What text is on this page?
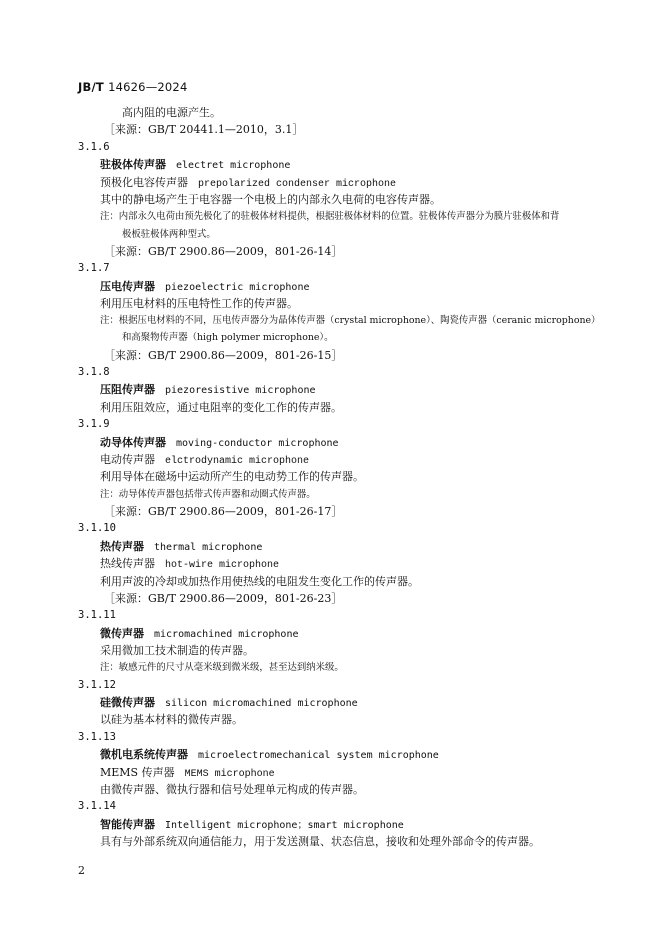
JB/T 14626—2024
高内阻的电源产生。
［来源：GB/T 20441.1—2010，3.1］
3.1.6
驻极体传声器 electret microphone
预极化电容传声器 prepolarized condenser microphone
其中的静电场产生于电容器一个电极上的内部永久电荷的电容传声器。
注：内部永久电荷由预先极化了的驻极体材料提供，根据驻极体材料的位置。驻极体传声器分为膜片驻极体和背
极板驻极体两种型式。
［来源：GB/T 2900.86—2009，801-26-14］
3.1.7
压电传声器 piezoelectric microphone
利用压电材料的压电特性工作的传声器。
注：根据压电材料的不同，压电传声器分为晶体传声器（crystal microphone）、陶瓷传声器（ceranic microphone）
和高聚物传声器（high polymer microphone）。
［来源：GB/T 2900.86—2009，801-26-15］
3.1.8
压阻传声器 piezoresistive microphone
利用压阻效应，通过电阻率的变化工作的传声器。
3.1.9
动导体传声器 moving-conductor microphone
电动传声器 elctrodynamic microphone
利用导体在磁场中运动所产生的电动势工作的传声器。
注：动导体传声器包括带式传声器和动圈式传声器。
［来源：GB/T 2900.86—2009，801-26-17］
3.1.10
热传声器 thermal microphone
热线传声器 hot-wire microphone
利用声波的冷却或加热作用使热线的电阻发生变化工作的传声器。
［来源：GB/T 2900.86—2009，801-26-23］
3.1.11
微传声器 micromachined microphone
采用微加工技术制造的传声器。
注：敏感元件的尺寸从毫米级到微米级，甚至达到纳米级。
3.1.12
硅微传声器 silicon micromachined microphone
以硅为基本材料的微传声器。
3.1.13
微机电系统传声器 microelectromechanical system microphone
MEMS 传声器 MEMS microphone
由微传声器、微执行器和信号处理单元构成的传声器。
3.1.14
智能传声器 Intelligent microphone；smart microphone
具有与外部系统双向通信能力，用于发送测量、状态信息，接收和处理外部命令的传声器。
2
